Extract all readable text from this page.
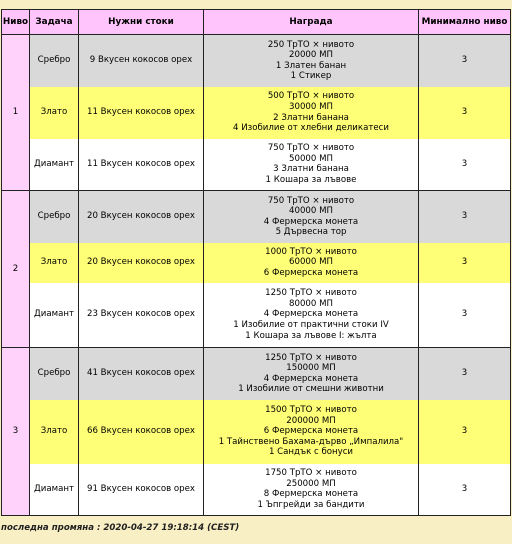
Ниво	Задача	Нужни стоки	Награда	Минимално ниво
1	Сребро	9 Вкусен кокосов орех	250 ТрТО × нивото
20000 МП
1 Златен банан
1 Стикер	3
	Злато	11 Вкусен кокосов орех	500 ТрТО × нивото
30000 МП
2 Златни банана
4 Изобилие от хлебни деликатеси	3
	Диамант	11 Вкусен кокосов орех	750 ТрТО × нивото
50000 МП
3 Златни банана
1 Кошара за лъвове	3
2	Сребро	20 Вкусен кокосов орех	750 ТрТО × нивото
40000 МП
4 Фермерска монета
5 Дървесна тор	3
	Злато	20 Вкусен кокосов орех	1000 ТрТО × нивото
60000 МП
6 Фермерска монета	3
	Диамант	23 Вкусен кокосов орех	1250 ТрТО × нивото
80000 МП
4 Фермерска монета
1 Изобилие от практични стоки IV
1 Кошара за лъвове I: жълта	3
3	Сребро	41 Вкусен кокосов орех	1250 ТрТО × нивото
150000 МП
4 Фермерска монета
1 Изобилие от смешни животни	3
	Злато	66 Вкусен кокосов орех	1500 ТрТО × нивото
200000 МП
6 Фермерска монета
1 Тайнствено Бахама-дърво „Импалила"
1 Сандък с бонуси	3
	Диамант	91 Вкусен кокосов орех	1750 ТрТО × нивото
250000 МП
8 Фермерска монета
1 Ъпгрейди за бандити	3
последна промяна : 2020-04-27 19:18:14 (CEST)
